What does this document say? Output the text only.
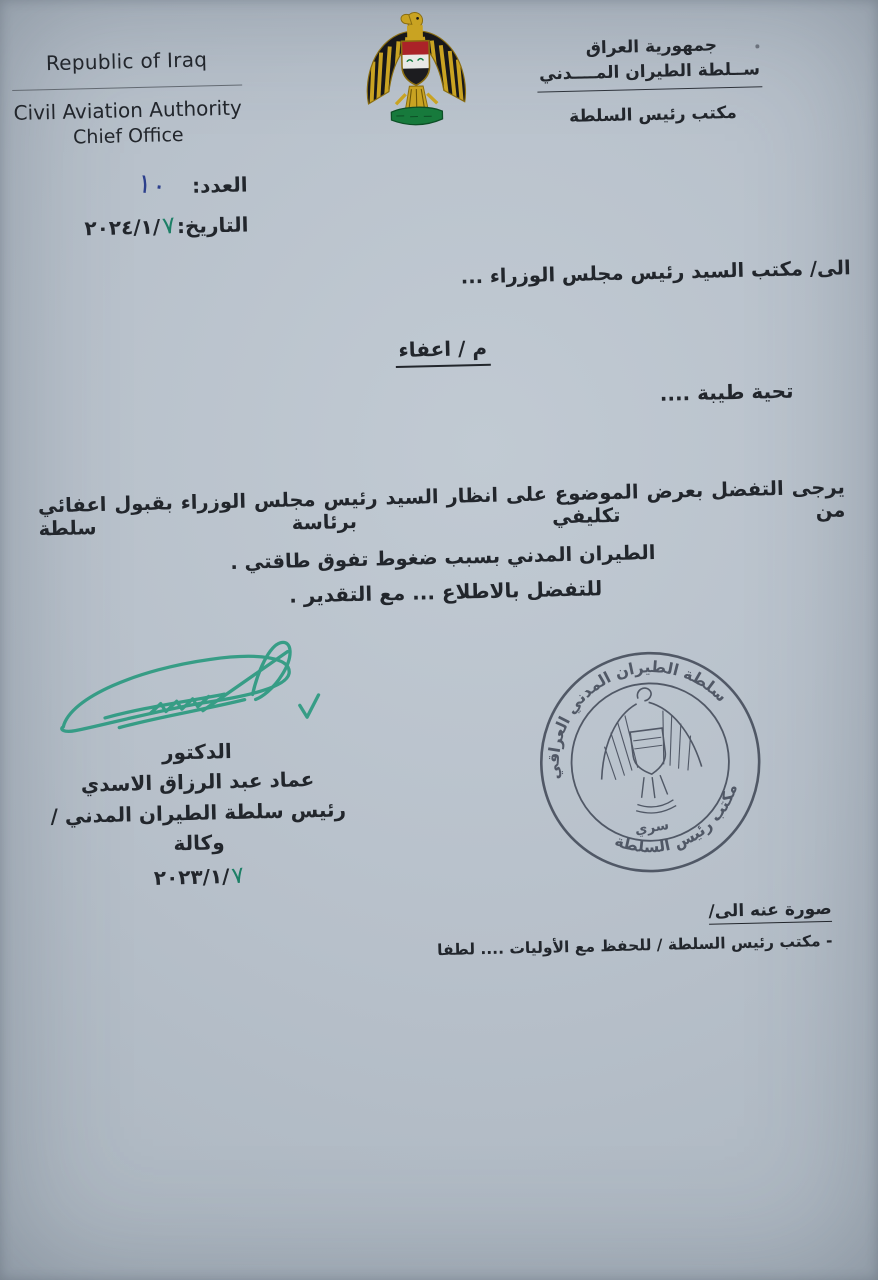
Republic of Iraq
Civil Aviation Authority
Chief Office
جمهورية العراق
ســلطة الطيران المــــدني
مكتب رئيس السلطة
العدد:
١٠
التاريخ:
٧
٢٠٢٤/١/
الى/ مكتب السيد رئيس مجلس الوزراء ...
م / اعفاء
تحية طيبة ....
يرجى التفضل بعرض الموضوع على انظار السيد رئيس مجلس الوزراء بقبول اعفائي من تكليفي برئاسة سلطة
الطيران المدني بسبب ضغوط تفوق طاقتي .
للتفضل بالاطلاع ... مع التقدير .
الدكتور
عماد عبد الرزاق الاسدي
رئيس سلطة الطيران المدني / وكالة
٧
٢٠٢٣/١/
سلطة الطيران المدني العراقي
مكتب رئيس السلطة
سري
صورة عنه الى/
- مكتب رئيس السلطة / للحفظ مع الأوليات .... لطفا
